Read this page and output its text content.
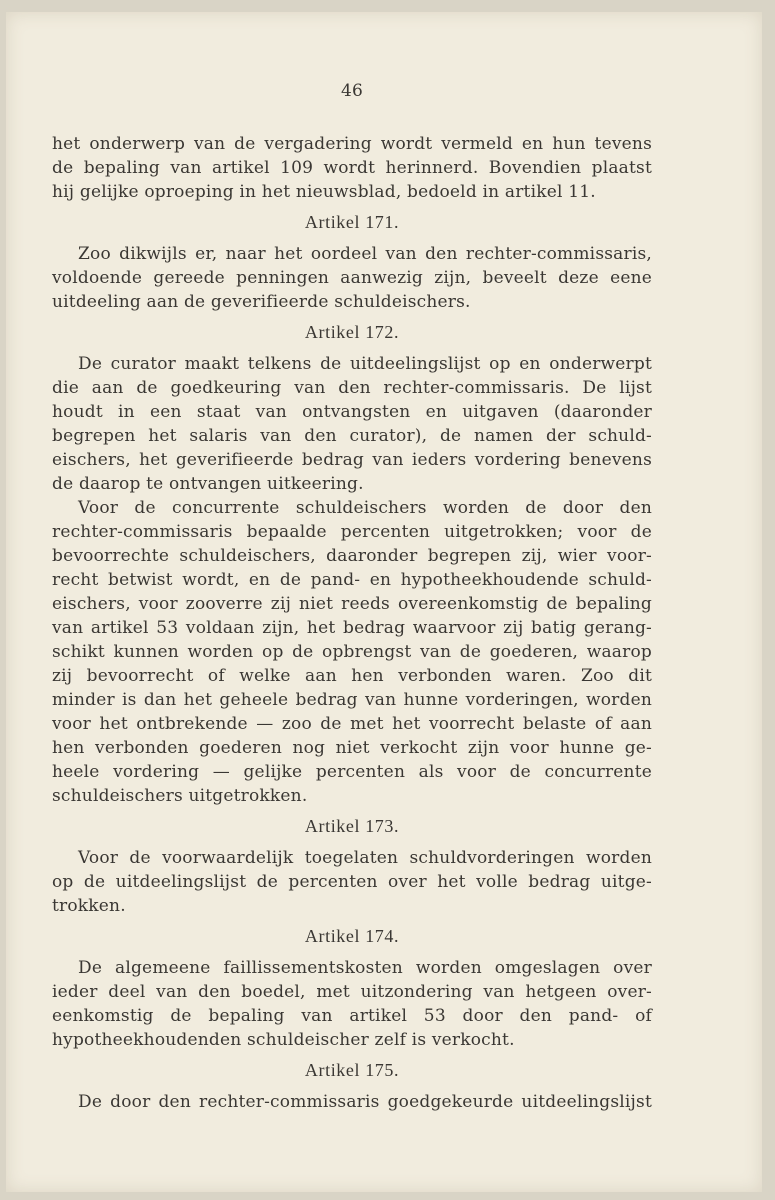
46
het onderwerp van de vergadering wordt vermeld en hun tevens
de bepaling van artikel 109 wordt herinnerd. Bovendien plaatst
hij gelijke oproeping in het nieuwsblad, bedoeld in artikel 11.
Artikel 171.
Zoo dikwijls er, naar het oordeel van den rechter-commissaris,
voldoende gereede penningen aanwezig zijn, beveelt deze eene
uitdeeling aan de geverifieerde schuldeischers.
Artikel 172.
De curator maakt telkens de uitdeelingslijst op en onderwerpt
die aan de goedkeuring van den rechter-commissaris. De lijst
houdt in een staat van ontvangsten en uitgaven (daaronder
begrepen het salaris van den curator), de namen der schuld-
eischers, het geverifieerde bedrag van ieders vordering benevens
de daarop te ontvangen uitkeering.
Voor de concurrente schuldeischers worden de door den
rechter-commissaris bepaalde percenten uitgetrokken; voor de
bevoorrechte schuldeischers, daaronder begrepen zij, wier voor-
recht betwist wordt, en de pand- en hypotheekhoudende schuld-
eischers, voor zooverre zij niet reeds overeenkomstig de bepaling
van artikel 53 voldaan zijn, het bedrag waarvoor zij batig gerang-
schikt kunnen worden op de opbrengst van de goederen, waarop
zij bevoorrecht of welke aan hen verbonden waren. Zoo dit
minder is dan het geheele bedrag van hunne vorderingen, worden
voor het ontbrekende — zoo de met het voorrecht belaste of aan
hen verbonden goederen nog niet verkocht zijn voor hunne ge-
heele vordering — gelijke percenten als voor de concurrente
schuldeischers uitgetrokken.
Artikel 173.
Voor de voorwaardelijk toegelaten schuldvorderingen worden
op de uitdeelingslijst de percenten over het volle bedrag uitge-
trokken.
Artikel 174.
De algemeene faillissementskosten worden omgeslagen over
ieder deel van den boedel, met uitzondering van hetgeen over-
eenkomstig de bepaling van artikel 53 door den pand- of
hypotheekhoudenden schuldeischer zelf is verkocht.
Artikel 175.
De door den rechter-commissaris goedgekeurde uitdeelingslijst
